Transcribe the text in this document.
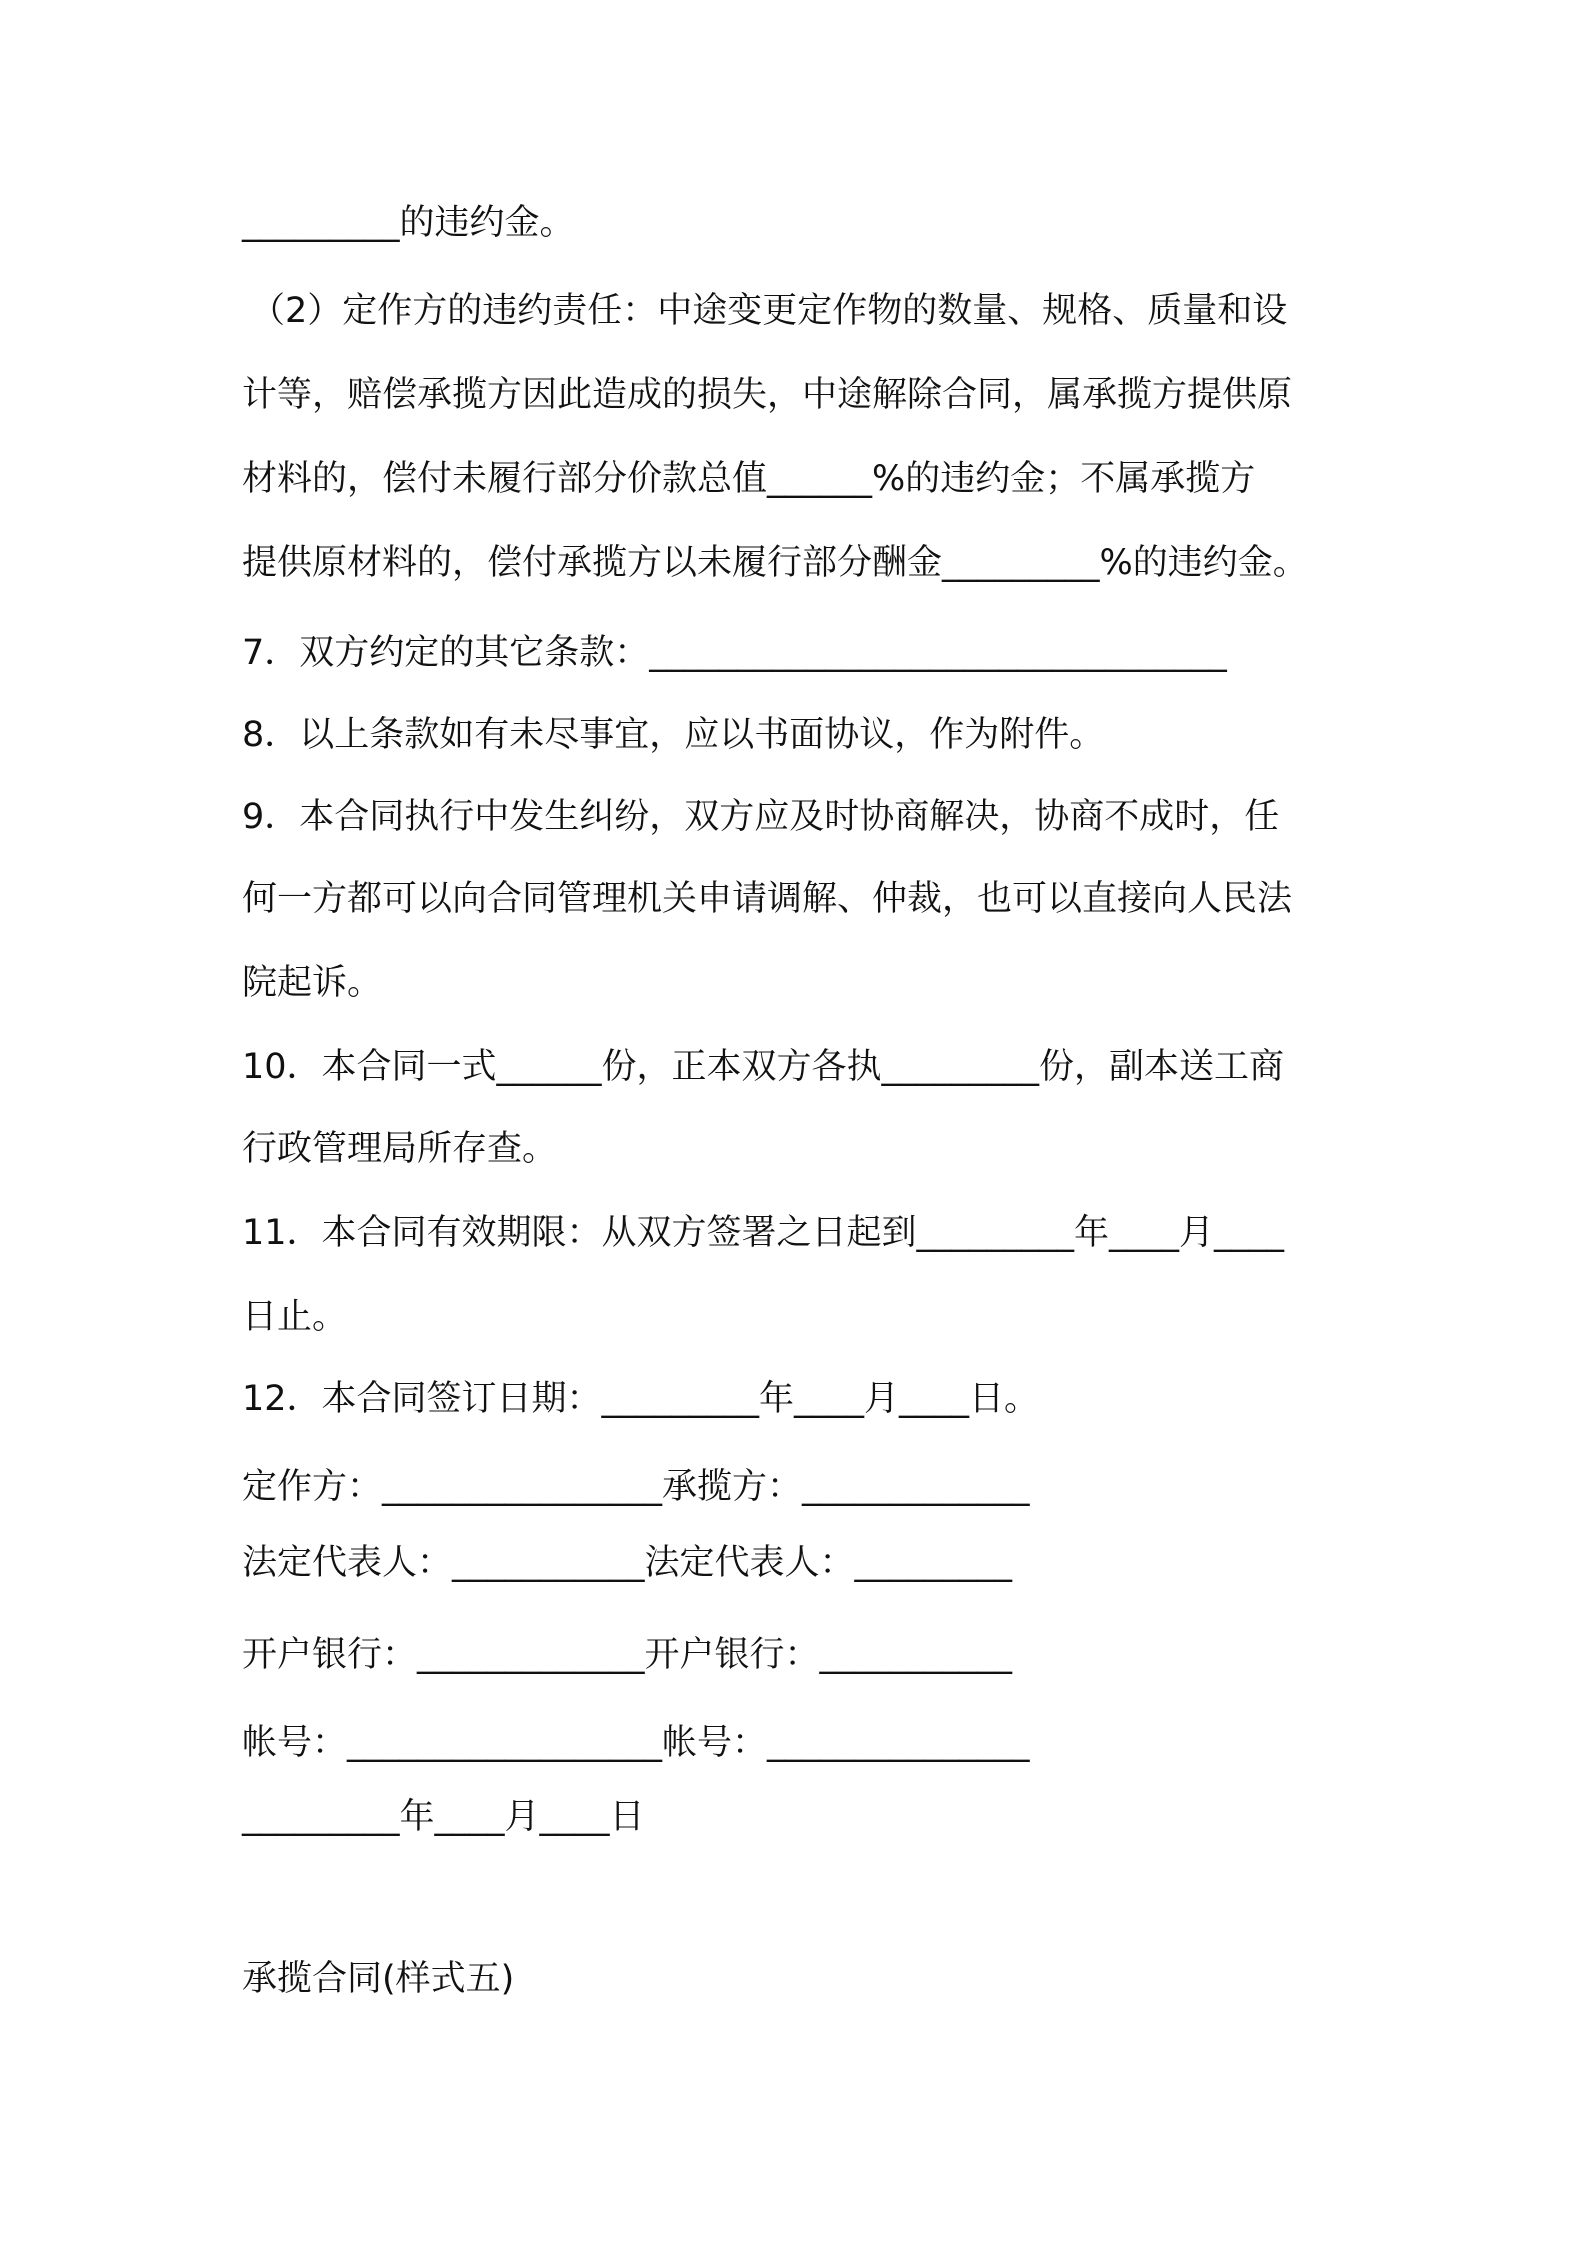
_________的违约金。
（2）定作方的违约责任：中途变更定作物的数量、规格、质量和设
计等，赔偿承揽方因此造成的损失，中途解除合同，属承揽方提供原
材料的，偿付未履行部分价款总值______%的违约金；不属承揽方
提供原材料的，偿付承揽方以未履行部分酬金_________%的违约金。
7．双方约定的其它条款：_________________________________
8．以上条款如有未尽事宜，应以书面协议，作为附件。
9．本合同执行中发生纠纷，双方应及时协商解决，协商不成时，任
何一方都可以向合同管理机关申请调解、仲裁，也可以直接向人民法
院起诉。
10．本合同一式______份，正本双方各执_________份，副本送工商
行政管理局所存查。
11．本合同有效期限：从双方签署之日起到_________年____月____
日止。
12．本合同签订日期：_________年____月____日。
定作方：________________承揽方：_____________
法定代表人：___________法定代表人：_________
开户银行：_____________开户银行：___________
帐号：__________________帐号：_______________
_________年____月____日
承揽合同(样式五)
